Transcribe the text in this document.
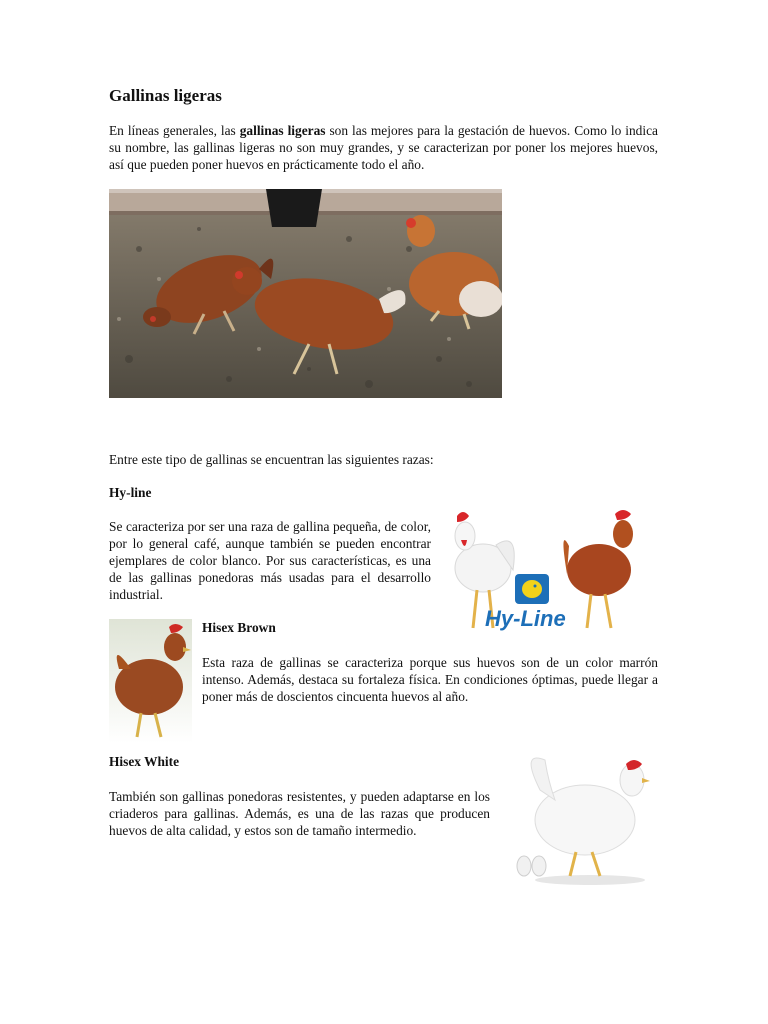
Gallinas ligeras

En líneas generales, las gallinas ligeras son las mejores para la gestación de huevos. Como lo indica su nombre, las gallinas ligeras no son muy grandes, y se caracterizan por poner los mejores huevos, así que pueden poner huevos en prácticamente todo el año.

Entre este tipo de gallinas se encuentran las siguientes razas:
Hy-line

Se caracteriza por ser una raza de gallina pequeña, de color, por lo general café, aunque también se pueden encontrar ejemplares de color blanco. Por sus características, es una de las gallinas ponedoras más usadas para el desarrollo industrial.

Hy-Line
Hisex Brown

Esta raza de gallinas se caracteriza porque sus huevos son de un color marrón intenso. Además, destaca su fortaleza física. En condiciones óptimas, puede llegar a poner más de doscientos cincuenta huevos al año.

Hisex White

También son gallinas ponedoras resistentes, y pueden adaptarse en los criaderos para gallinas. Además, es una de las razas que producen huevos de alta calidad, y estos son de tamaño intermedio.
